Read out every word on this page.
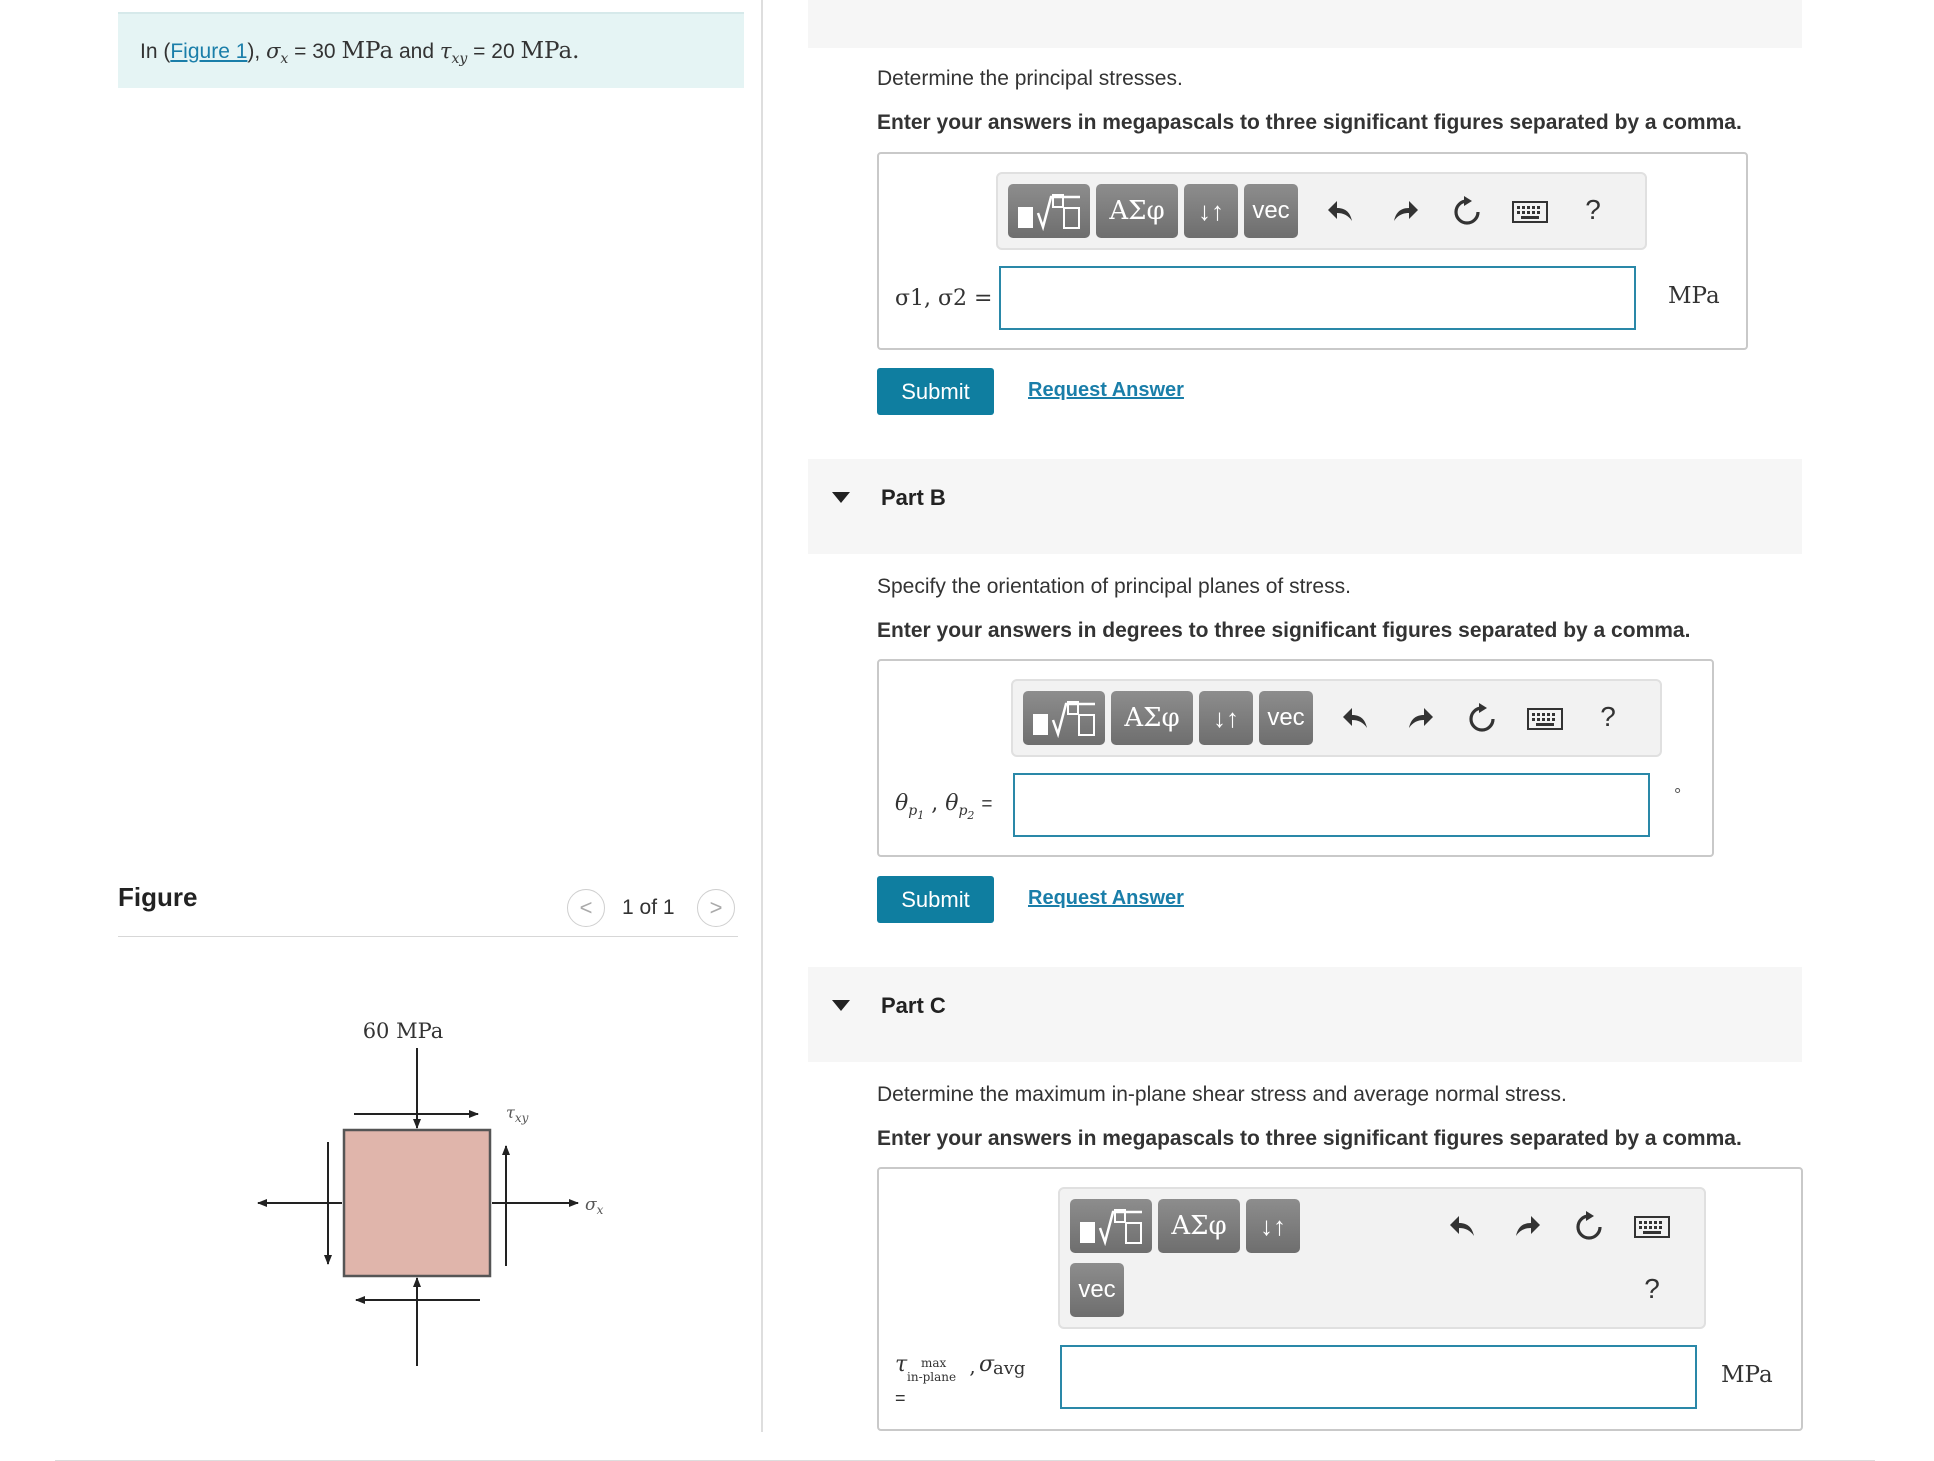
In (Figure 1), $\sigma_x = 30$ MPa and $\tau_{xy} = 20$ MPa.
Figure	< 1 of 1 >
60 MPa
$\tau_{xy}$
$\sigma_x$
Determine the principal stresses.
Enter your answers in megapascals to three significant figures separated by a comma.
ΑΣφ	↓↑	vec	?
σ1, σ2 =	MPa
Submit	Request Answer
Part B
Specify the orientation of principal planes of stress.
Enter your answers in degrees to three significant figures separated by a comma.
ΑΣφ	↓↑	vec	?
$\theta_{p_1}$ , $\theta_{p_2}$ =	°
Submit	Request Answer
Part C
Determine the maximum in-plane shear stress and average normal stress.
Enter your answers in megapascals to three significant figures separated by a comma.
ΑΣφ	↓↑
vec	?
τ max
in-plane ,
σ
avg
=
MPa
